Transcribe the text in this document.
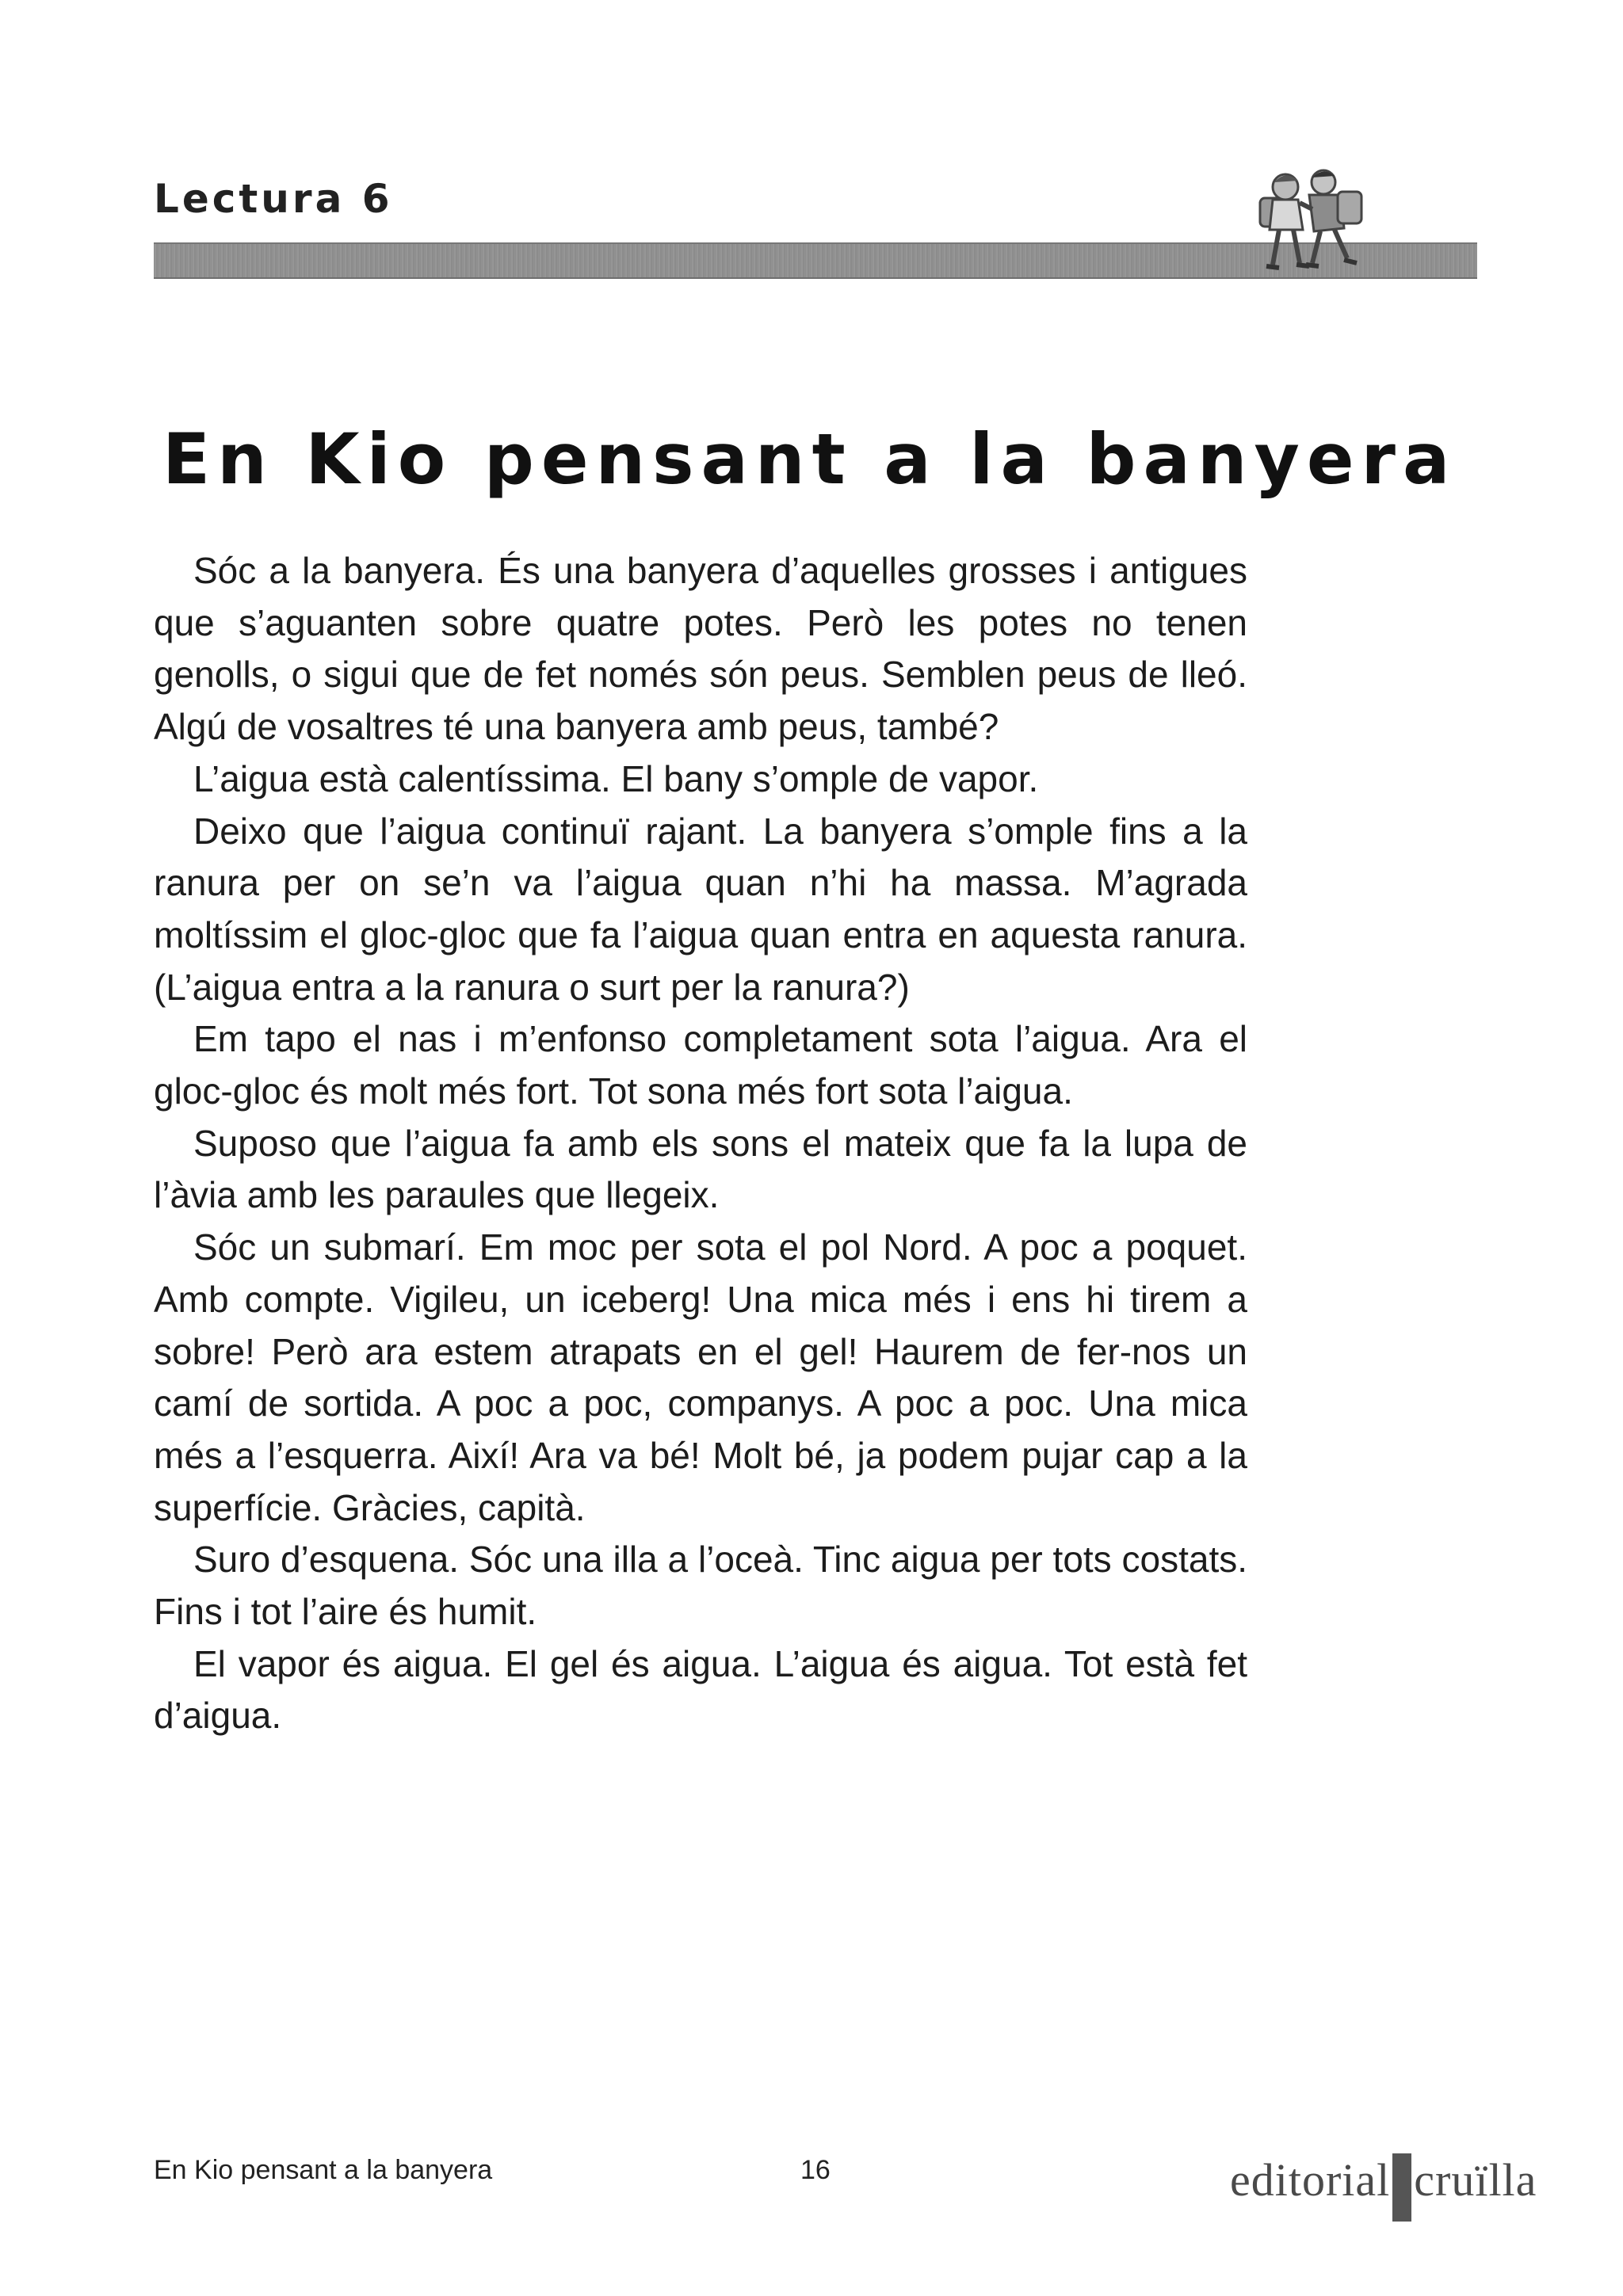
Lectura 6
En Kio pensant a la banyera

Sóc a la banyera. És una banyera d’aquelles grosses i antigues que s’aguanten sobre quatre potes. Però les potes no tenen genolls, o sigui que de fet només són peus. Semblen peus de lleó. Algú de vosaltres té una banyera amb peus, també?

L’aigua està calentíssima. El bany s’omple de vapor.

Deixo que l’aigua continuï rajant. La banyera s’omple fins a la ranura per on se’n va l’aigua quan n’hi ha massa. M’agrada moltíssim el gloc-gloc que fa l’aigua quan entra en aquesta ranura. (L’aigua entra a la ranura o surt per la ranura?)

Em tapo el nas i m’enfonso completament sota l’aigua. Ara el gloc-gloc és molt més fort. Tot sona més fort sota l’aigua.

Suposo que l’aigua fa amb els sons el mateix que fa la lupa de l’àvia amb les paraules que llegeix.

Sóc un submarí. Em moc per sota el pol Nord. A poc a poquet. Amb compte. Vigileu, un iceberg! Una mica més i ens hi tirem a sobre! Però ara estem atrapats en el gel! Haurem de fer-nos un camí de sortida. A poc a poc, companys. A poc a poc. Una mica més a l’esquerra. Així! Ara va bé! Molt bé, ja podem pujar cap a la superfície. Gràcies, capità.

Suro d’esquena. Sóc una illa a l’oceà. Tinc aigua per tots costats. Fins i tot l’aire és humit.

El vapor és aigua. El gel és aigua. L’aigua és aigua. Tot està fet d’aigua.

En Kio pensant a la banyera	16	editorial cruïlla
